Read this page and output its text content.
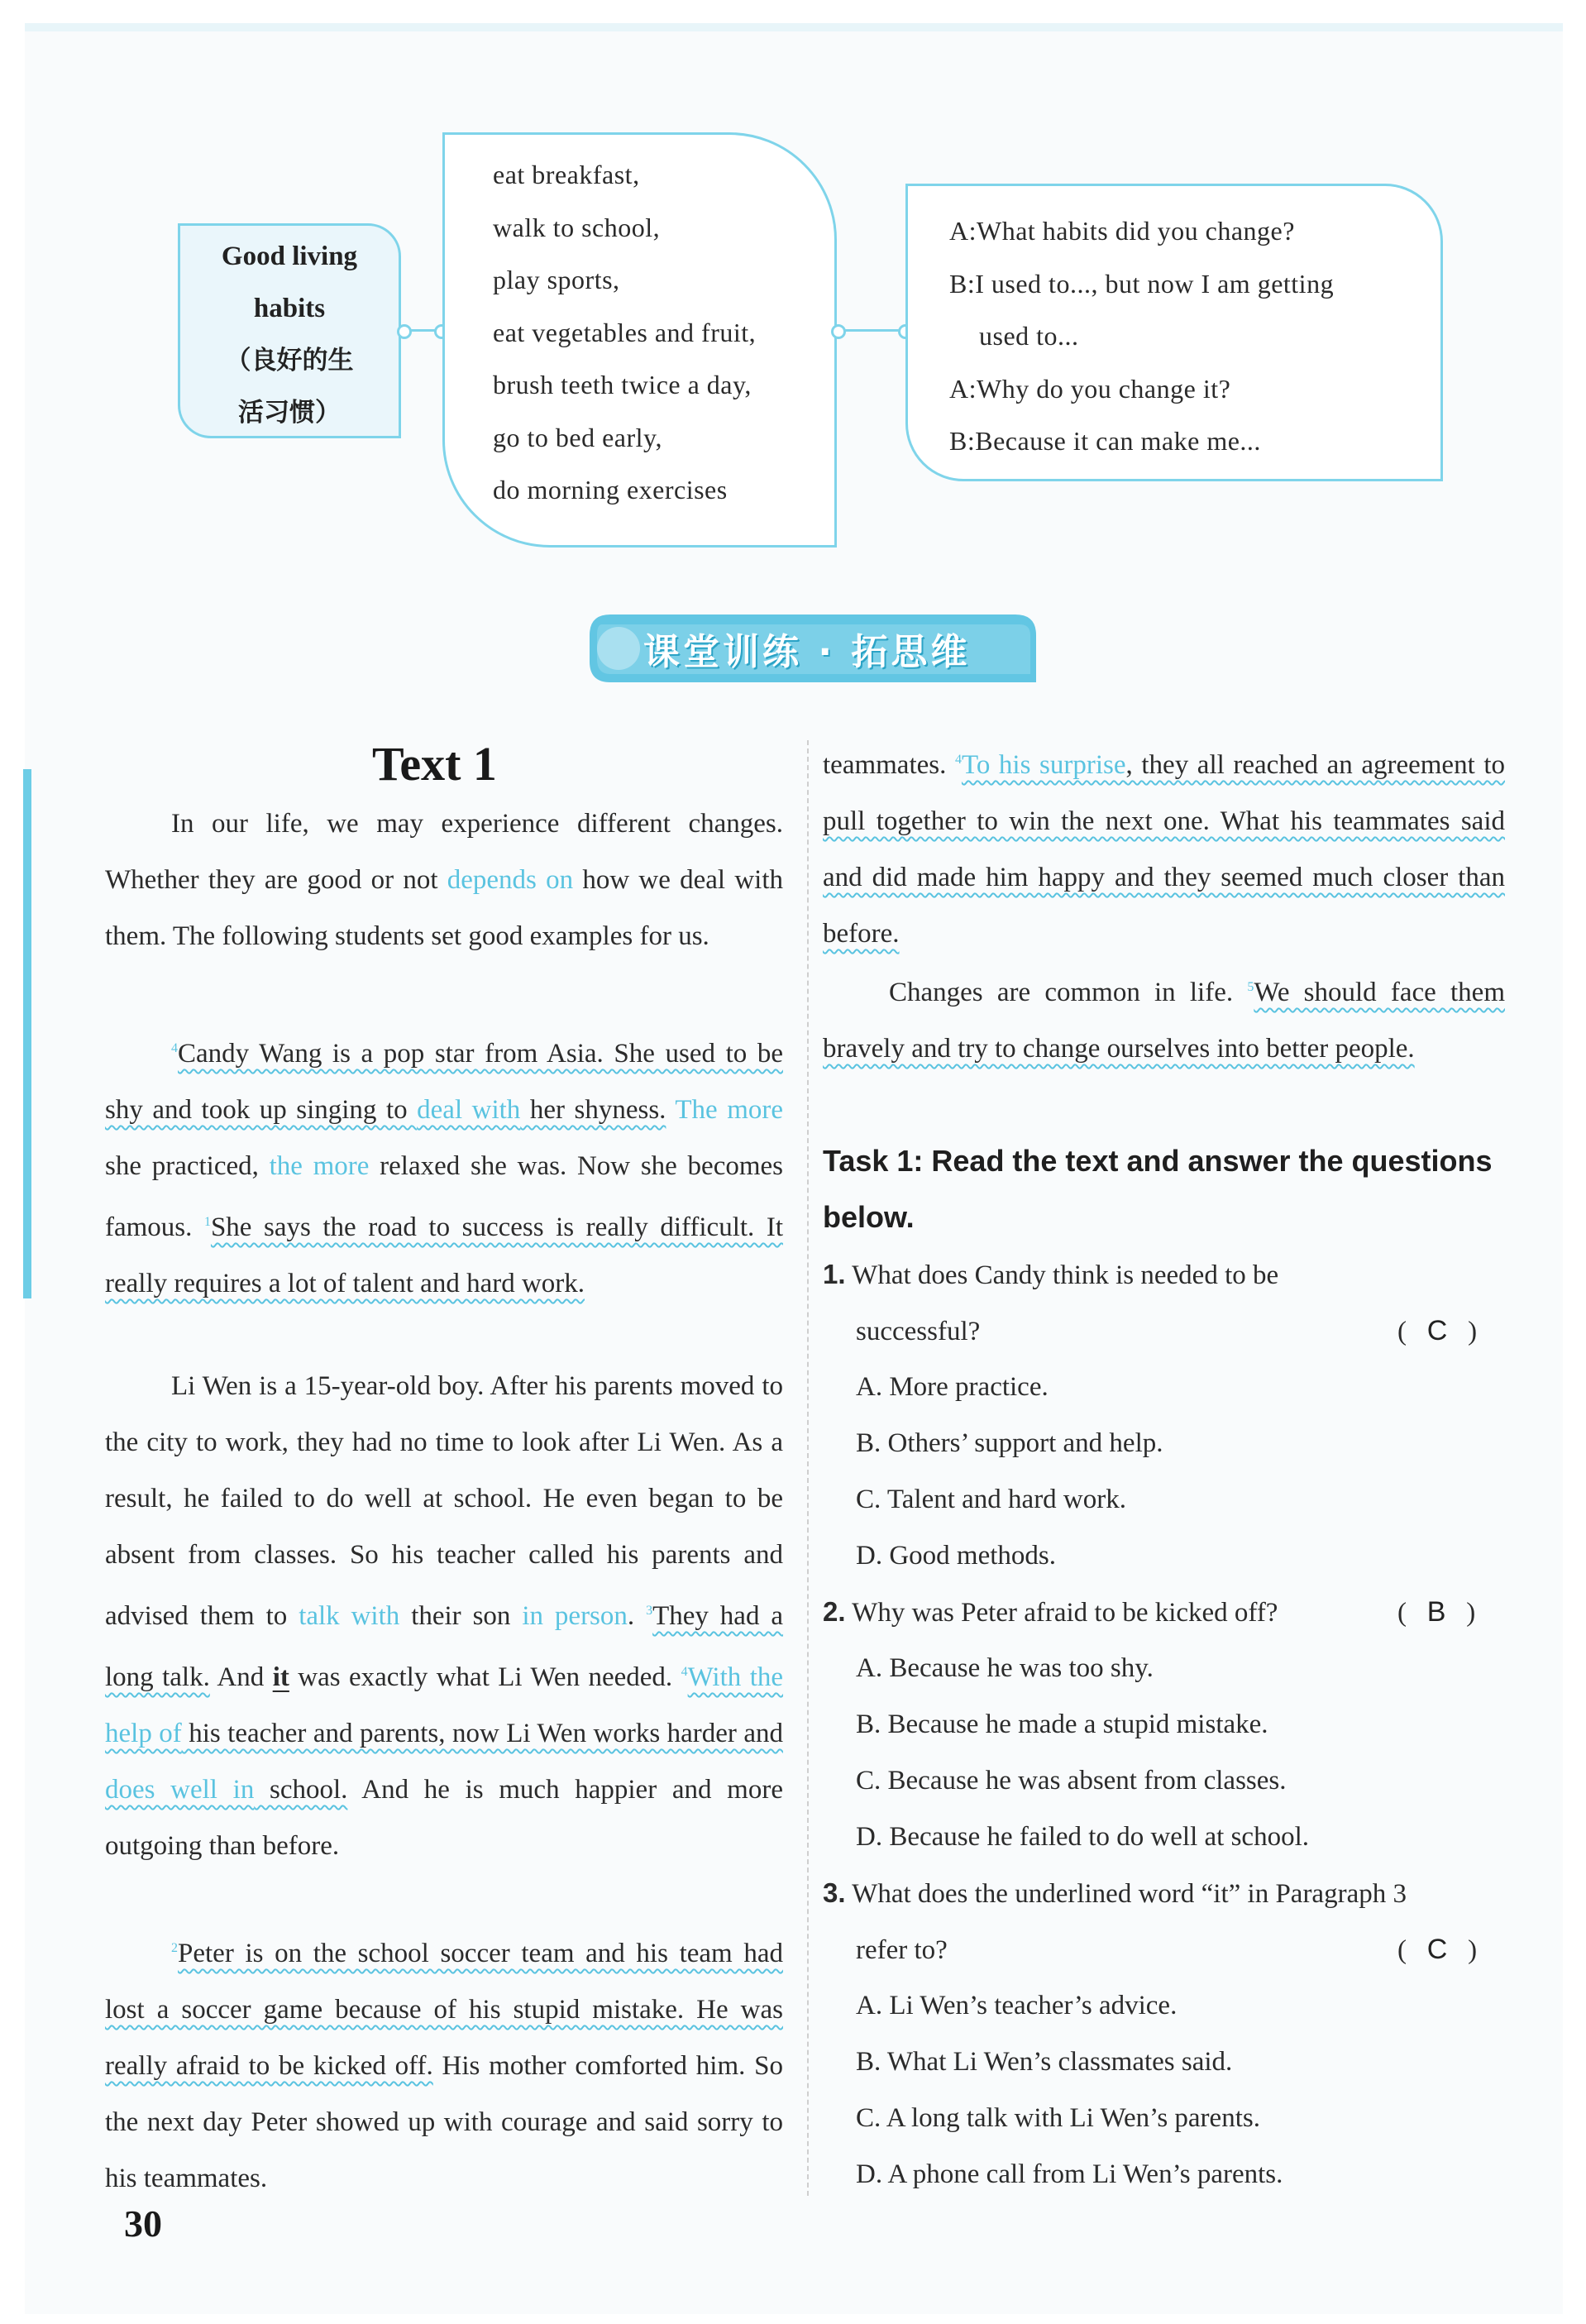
Good living
habits
（良好的生
活习惯）
eat breakfast,
walk to school,
play sports,
eat vegetables and fruit,
brush teeth twice a day,
go to bed early,
do morning exercises
A:What habits did you change?
B:I used to..., but now I am getting
used to...
A:Why do you change it?
B:Because it can make me...
课堂训练 · 拓思维
Text 1
In our life, we may experience different changes. Whether they are good or not depends on how we deal with them. The following students set good examples for us.
$^4$Candy Wang is a pop star from Asia. She used to be shy and took up singing to deal with her shyness. The more she practiced, the more relaxed she was. Now she becomes famous. $^1$She says the road to success is really difficult. It really requires a lot of talent and hard work.
Li Wen is a 15-year-old boy. After his parents moved to the city to work, they had no time to look after Li Wen. As a result, he failed to do well at school. He even began to be absent from classes. So his teacher called his parents and advised them to talk with their son in person. $^3$They had a long talk. And it was exactly what Li Wen needed. $^4$With the help of his teacher and parents, now Li Wen works harder and does well in school. And he is much happier and more outgoing than before.
$^2$Peter is on the school soccer team and his team had lost a soccer game because of his stupid mistake. He was really afraid to be kicked off. His mother comforted him. So the next day Peter showed up with courage and said sorry to his teammates.
teammates. $^4$To his surprise, they all reached an agreement to pull together to win the next one. What his teammates said and did made him happy and they seemed much closer than before.
Changes are common in life. $^5$We should face them bravely and try to change ourselves into better people.
Task 1: Read the text and answer the questions below.
1. What does Candy think is needed to be
successful?	(   C   )
A. More practice.
B. Others’ support and help.
C. Talent and hard work.
D. Good methods.
2. Why was Peter afraid to be kicked off?	(   B   )
A. Because he was too shy.
B. Because he made a stupid mistake.
C. Because he was absent from classes.
D. Because he failed to do well at school.
3. What does the underlined word “it” in Paragraph 3
refer to?	(   C   )
A. Li Wen’s teacher’s advice.
B. What Li Wen’s classmates said.
C. A long talk with Li Wen’s parents.
D. A phone call from Li Wen’s parents.
30
